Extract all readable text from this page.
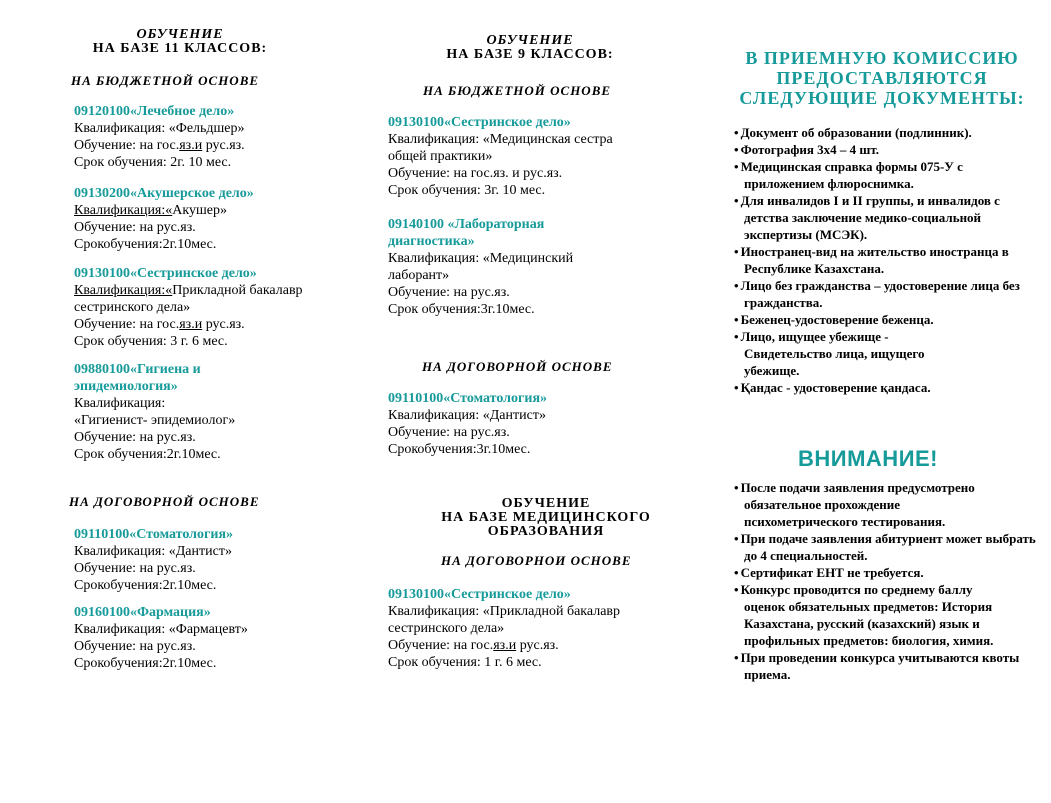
ОБУЧЕНИЕ
НА БАЗЕ 11 КЛАССОВ:
НА БЮДЖЕТНОЙ ОСНОВЕ
09120100«Лечебное дело»
Квалификация: «Фельдшер»
Обучение: на гос.яз.и рус.яз.
Срок обучения: 2г. 10 мес.
09130200«Акушерское дело»
Квалификация:«Акушер»
Обучение: на рус.яз.
Срокобучения:2г.10мес.
09130100«Сестринское дело»
Квалификация:«Прикладной бакалавр
сестринского дела»
Обучение: на гос.яз.и рус.яз.
Срок обучения: 3 г. 6 мес.
09880100«Гигиена и
эпидемиология»
Квалификация:
«Гигиенист- эпидемиолог»
Обучение: на рус.яз.
Срок обучения:2г.10мес.
НА ДОГОВОРНОЙ ОСНОВЕ
09110100«Стоматология»
Квалификация: «Дантист»
Обучение: на рус.яз.
Срокобучения:2г.10мес.
09160100«Фармация»
Квалификация: «Фармацевт»
Обучение: на рус.яз.
Срокобучения:2г.10мес.
ОБУЧЕНИЕ
НА БАЗЕ 9 КЛАССОВ:
НА БЮДЖЕТНОЙ ОСНОВЕ
09130100«Сестринское дело»
Квалификация: «Медицинская сестра
общей практики»
Обучение: на гос.яз. и рус.яз.
Срок обучения: 3г. 10 мес.
09140100 «Лабораторная
диагностика»
Квалификация: «Медицинский
лаборант»
Обучение: на рус.яз.
Срок обучения:3г.10мес.
НА ДОГОВОРНОЙ ОСНОВЕ
09110100«Стоматология»
Квалификация: «Дантист»
Обучение: на рус.яз.
Срокобучения:3г.10мес.
ОБУЧЕНИЕ
НА БАЗЕ МЕДИЦИНСКОГО
ОБРАЗОВАНИЯ
НА ДОГОВОРНОИ ОСНОВЕ
09130100«Сестринское дело»
Квалификация: «Прикладной бакалавр
сестринского дела»
Обучение: на гос.яз.и рус.яз.
Срок обучения: 1 г. 6 мес.
В ПРИЕМНУЮ КОМИССИЮ
ПРЕДОСТАВЛЯЮТСЯ
СЛЕДУЮЩИЕ ДОКУМЕНТЫ:
• Документ об образовании (подлинник).
• Фотография 3х4 – 4 шт.
• Медицинская справка формы 075-У с приложением флюроснимка.
• Для инвалидов I и II группы, и инвалидов с детства заключение медико-социальной экспертизы (МСЭК).
• Иностранец-вид на жительство иностранца в Республике Казахстана.
• Лицо без гражданства – удостоверение лица без гражданства.
• Беженец-удостоверение беженца.
• Лицо, ищущее убежище - Свидетельство лица, ищущего убежище.
• Қандас - удостоверение қандаса.
ВНИМАНИЕ!
• После подачи заявления предусмотрено обязательное прохождение психометрического тестирования.
• При подаче заявления абитуриент может выбрать до 4 специальностей.
• Сертификат ЕНТ не требуется.
• Конкурс проводится по среднему баллу оценок обязательных предметов: История Казахстана, русский (казахский) язык и профильных предметов: биология, химия.
• При проведении конкурса учитываются квоты приема.
